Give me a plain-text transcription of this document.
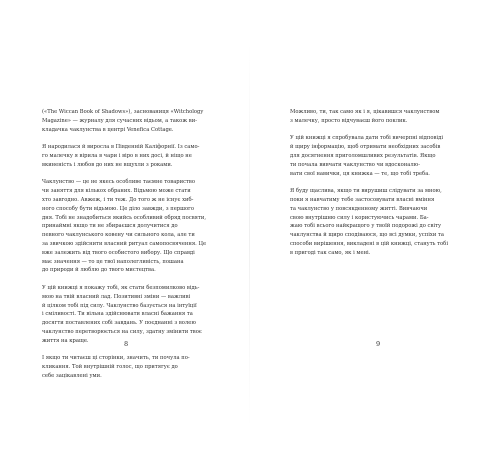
(«The Wiccan Book of Shadows»), заснованиця «Witchology
Magazine» — журналу для сучасних відьом, а також ви-
кладачка чаклунства в центрі Venefica Cottage.

Я народилася й виросла в Південній Каліфорнії. Із само-
го малечку я вірила в чари і віро в них досі, й ніщо не
вкиненість і любов до них не вщухли з роками.

Чаклунство — це не якесь особливе таємне товариство
чи заняття для кількох обраних. Відьмою може стати
хто завгодно. Авжеж, і ти теж. До того ж не існує хиб-
ного способу бути відьмою. Це діло завжди, з першого
дня. Тобі не знадобиться якийсь особливий обряд посвяти,
принаймні якщо ти не збираєшся долучитися до
певного чаклунського ковену чи сильного кола, але ти
за звичкою здійснити власний ритуал самопосвячення. Це
вже залежить від твого особистого вибору. Що справді
має значення — то це твої наполегливість, пошана
до природи й люблю до твого мистецтва.

У цій книжці я покажу тобі, як стати безпомилково відь-
мою на твій власний лад. Позитивні зміни — важливі
й цілком тобі під силу. Чаклунство базується на інтуїції
і сміливості. Ти вільна здійснювати власні бажання та
досягти поставлених собі завдань. У поєднанні з волею
чаклунство перетворюється на силу, здатну змінити твоє
життя на краще.

І якщо ти читаєш ці сторінки, значить, ти почула по-
кликання. Той внутрішній голос, що притягує до
себе зацікавлені уми.

8

Можливо, ти, так само як і я, цікавишся чаклунством
з малечку, просто відчуваєш його поклик.

У цій книжці я спробувала дати тобі вичерпні відповіді
й щиру інформацію, щоб отримати необхідних засобів
для досягнення приголомшливих результатів. Якщо
ти почала вивчати чаклунство чи вдосконалю-
вати свої навички, ця книжка — те, що тобі треба.

Я буду щаслива, якщо ти вирушиш слідувати за мною,
поки я навчатиму тебе застосовувати власні вміння
та чаклунство у повсякденному житті. Вивчаючи
свою внутрішню силу і користуючись чарами. Ба-
жаю тобі всього найкращого у твоїй подорожі до світу
чаклунства й щиро сподіваюся, що всі думки, успіхи та
способи вирішення, викладені в цій книжці, стануть тобі
в пригоді так само, як і мені.

9
